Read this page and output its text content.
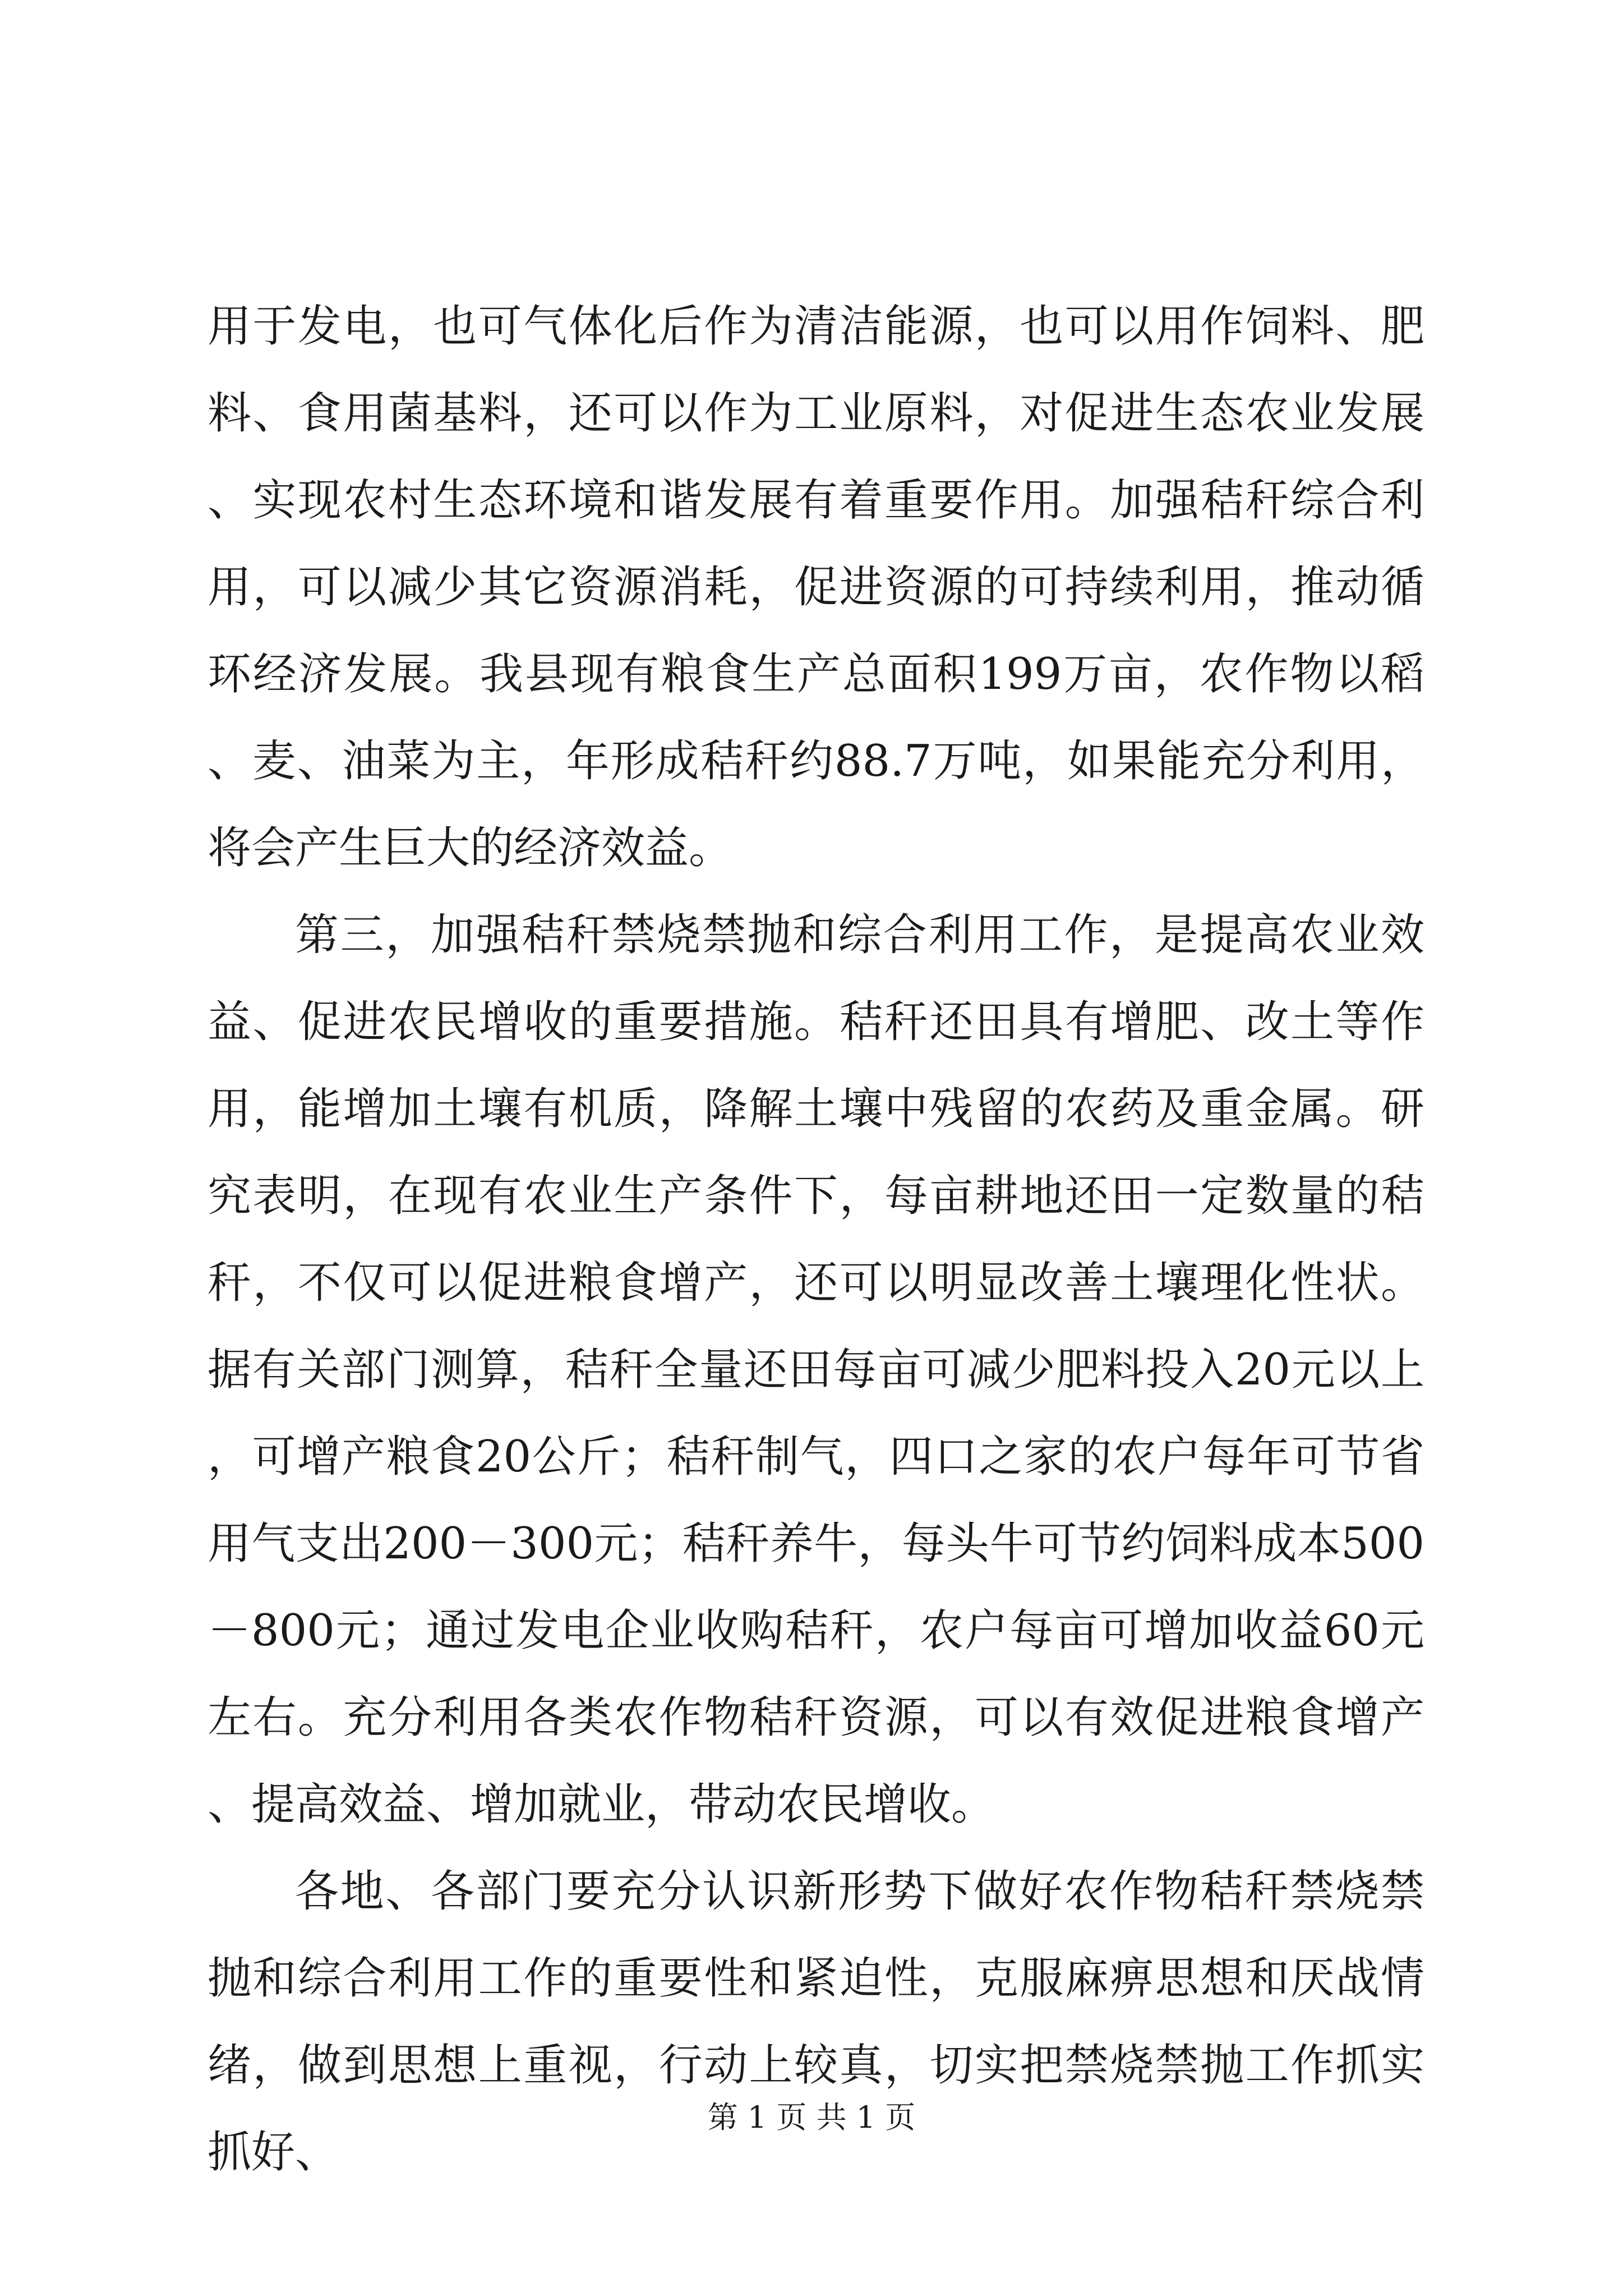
用于发电，也可气体化后作为清洁能源，也可以用作饲料、肥料、食用菌基料，还可以作为工业原料，对促进生态农业发展、实现农村生态环境和谐发展有着重要作用。加强秸秆综合利用，可以减少其它资源消耗，促进资源的可持续利用，推动循环经济发展。我县现有粮食生产总面积199万亩，农作物以稻、麦、油菜为主，年形成秸秆约88.7万吨，如果能充分利用，将会产生巨大的经济效益。

第三，加强秸秆禁烧禁抛和综合利用工作，是提高农业效益、促进农民增收的重要措施。秸秆还田具有增肥、改土等作用，能增加土壤有机质，降解土壤中残留的农药及重金属。研究表明，在现有农业生产条件下，每亩耕地还田一定数量的秸秆，不仅可以促进粮食增产，还可以明显改善土壤理化性状。据有关部门测算，秸秆全量还田每亩可减少肥料投入20元以上，可增产粮食20公斤；秸秆制气，四口之家的农户每年可节省用气支出200－300元；秸秆养牛，每头牛可节约饲料成本500－800元；通过发电企业收购秸秆，农户每亩可增加收益60元左右。充分利用各类农作物秸秆资源，可以有效促进粮食增产、提高效益、增加就业，带动农民增收。

各地、各部门要充分认识新形势下做好农作物秸秆禁烧禁抛和综合利用工作的重要性和紧迫性，克服麻痹思想和厌战情绪，做到思想上重视，行动上较真，切实把禁烧禁抛工作抓实抓好、

第 1 页 共 1 页
